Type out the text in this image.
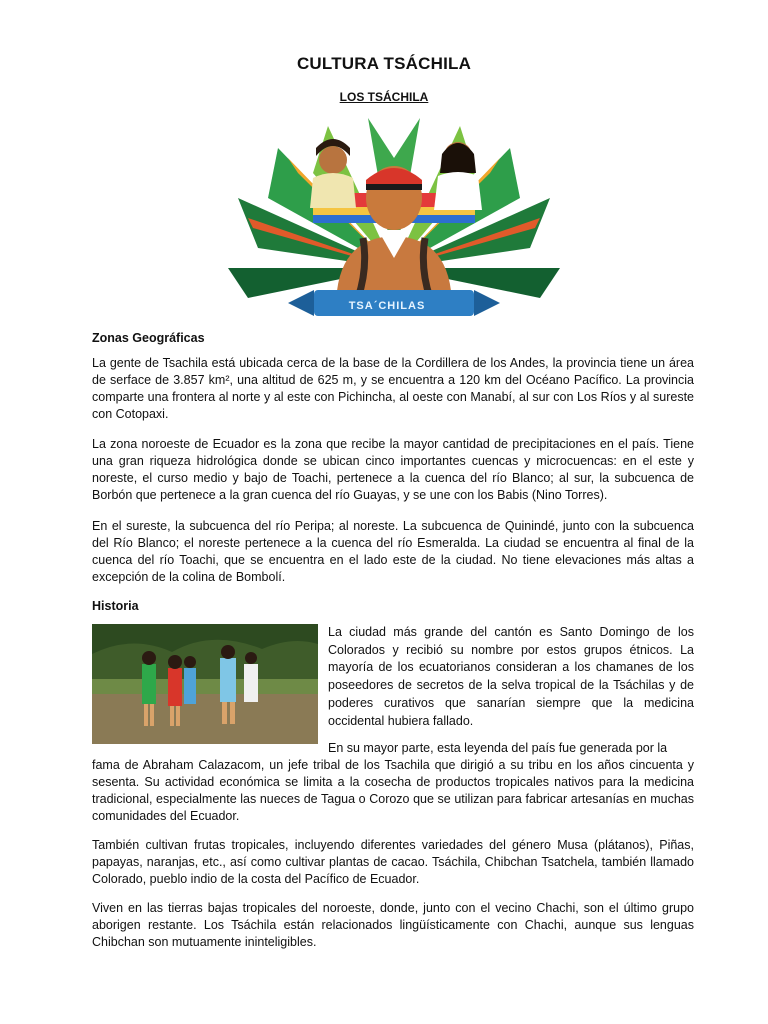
CULTURA TSÁCHILA
LOS TSÁCHILA
TSA´CHILAS
Zonas Geográficas
La gente de Tsachila está ubicada cerca de la base de la Cordillera de los Andes, la provincia tiene un área de serface de 3.857 km², una altitud de 625 m, y se encuentra a 120 km del Océano Pacífico. La provincia comparte una frontera al norte y al este con Pichincha, al oeste con Manabí, al sur con Los Ríos y al sureste con Cotopaxi.
La zona noroeste de Ecuador es la zona que recibe la mayor cantidad de precipitaciones en el país. Tiene una gran riqueza hidrológica donde se ubican cinco importantes cuencas y microcuencas: en el este y noreste, el curso medio y bajo de Toachi, pertenece a la cuenca del río Blanco; al sur, la subcuenca de Borbón que pertenece a la gran cuenca del río Guayas, y se une con los Babis (Nino Torres).
En el sureste, la subcuenca del río Peripa; al noreste. La subcuenca de Quinindé, junto con la subcuenca del Río Blanco; el noreste pertenece a la cuenca del río Esmeralda. La ciudad se encuentra al final de la cuenca del río Toachi, que se encuentra en el lado este de la ciudad. No tiene elevaciones más altas a excepción de la colina de Bombolí.
Historia
La ciudad más grande del cantón es Santo Domingo de los Colorados y recibió su nombre por estos grupos étnicos. La mayoría de los ecuatorianos consideran a los chamanes de los poseedores de secretos de la selva tropical de la Tsáchilas y de poderes curativos que sanarían siempre que la medicina occidental hubiera fallado.
En su mayor parte, esta leyenda del país fue generada por la
fama de Abraham Calazacom, un jefe tribal de los Tsachila que dirigió a su tribu en los años cincuenta y sesenta. Su actividad económica se limita a la cosecha de productos tropicales nativos para la medicina tradicional, especialmente las nueces de Tagua o Corozo que se utilizan para fabricar artesanías en muchas comunidades del Ecuador.
También cultivan frutas tropicales, incluyendo diferentes variedades del género Musa (plátanos), Piñas, papayas, naranjas, etc., así como cultivar plantas de cacao. Tsáchila, Chibchan Tsatchela, también llamado Colorado, pueblo indio de la costa del Pacífico de Ecuador.
Viven en las tierras bajas tropicales del noroeste, donde, junto con el vecino Chachi, son el último grupo aborigen restante. Los Tsáchila están relacionados lingüísticamente con Chachi, aunque sus lenguas Chibchan son mutuamente ininteligibles.
